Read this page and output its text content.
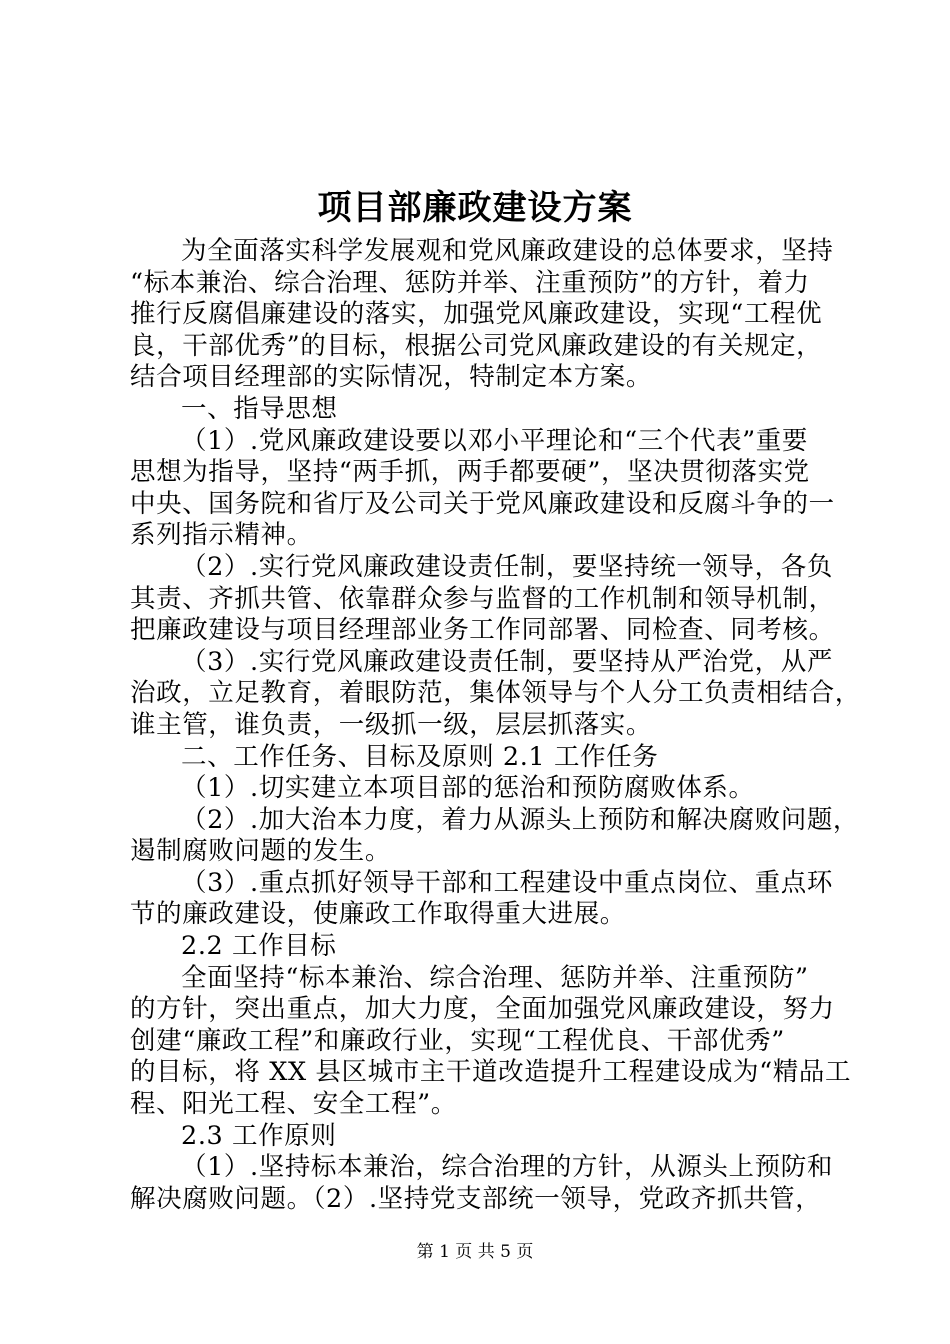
项目部廉政建设方案
为全面落实科学发展观和党风廉政建设的总体要求，坚持
“标本兼治、综合治理、惩防并举、注重预防”的方针，着力
推行反腐倡廉建设的落实，加强党风廉政建设，实现“工程优
良，干部优秀”的目标，根据公司党风廉政建设的有关规定，
结合项目经理部的实际情况，特制定本方案。
一、指导思想
（1）.党风廉政建设要以邓小平理论和“三个代表”重要
思想为指导，坚持“两手抓，两手都要硬”，坚决贯彻落实党
中央、国务院和省厅及公司关于党风廉政建设和反腐斗争的一
系列指示精神。
（2）.实行党风廉政建设责任制，要坚持统一领导，各负
其责、齐抓共管、依靠群众参与监督的工作机制和领导机制，
把廉政建设与项目经理部业务工作同部署、同检查、同考核。
（3）.实行党风廉政建设责任制，要坚持从严治党，从严
治政，立足教育，着眼防范，集体领导与个人分工负责相结合，
谁主管，谁负责，一级抓一级，层层抓落实。
二、工作任务、目标及原则 2.1 工作任务
（1）.切实建立本项目部的惩治和预防腐败体系。
（2）.加大治本力度，着力从源头上预防和解决腐败问题，
遏制腐败问题的发生。
（3）.重点抓好领导干部和工程建设中重点岗位、重点环
节的廉政建设，使廉政工作取得重大进展。
2.2 工作目标
全面坚持“标本兼治、综合治理、惩防并举、注重预防”
的方针，突出重点，加大力度，全面加强党风廉政建设，努力
创建“廉政工程”和廉政行业，实现“工程优良、干部优秀”
的目标，将 XX 县区城市主干道改造提升工程建设成为“精品工
程、阳光工程、安全工程”。
2.3 工作原则
（1）.坚持标本兼治，综合治理的方针，从源头上预防和
解决腐败问题。（2）.坚持党支部统一领导，党政齐抓共管，
第 1 页 共 5 页
